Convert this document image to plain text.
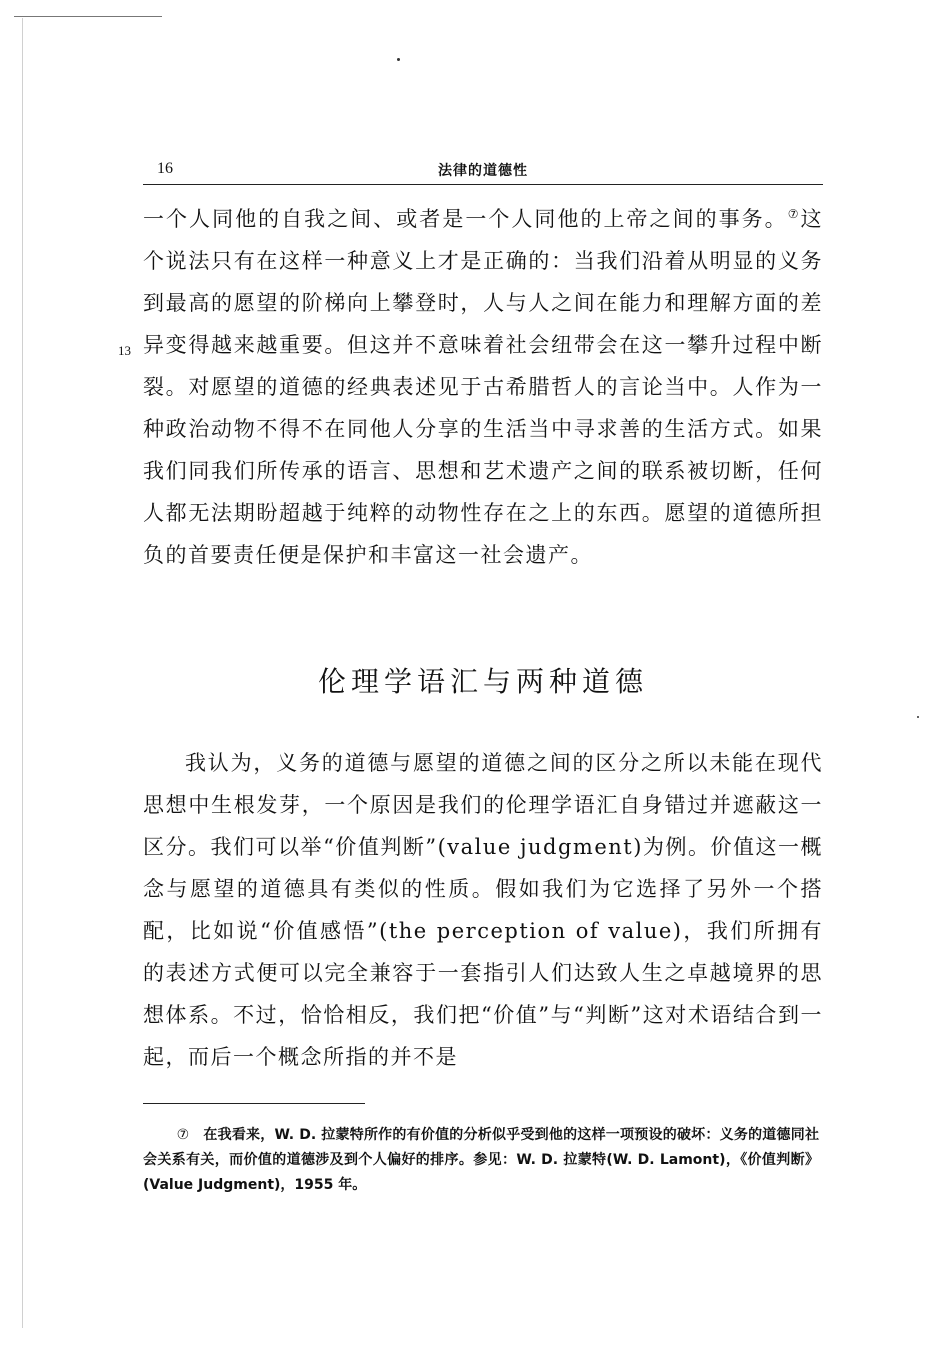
16	法律的道德性
13

一个人同他的自我之间、或者是一个人同他的上帝之间的事务。⑦这个说法只有在这样一种意义上才是正确的：当我们沿着从明显的义务到最高的愿望的阶梯向上攀登时，人与人之间在能力和理解方面的差异变得越来越重要。但这并不意味着社会纽带会在这一攀升过程中断裂。对愿望的道德的经典表述见于古希腊哲人的言论当中。人作为一种政治动物不得不在同他人分享的生活当中寻求善的生活方式。如果我们同我们所传承的语言、思想和艺术遗产之间的联系被切断，任何人都无法期盼超越于纯粹的动物性存在之上的东西。愿望的道德所担负的首要责任便是保护和丰富这一社会遗产。

伦理学语汇与两种道德

我认为，义务的道德与愿望的道德之间的区分之所以未能在现代思想中生根发芽，一个原因是我们的伦理学语汇自身错过并遮蔽这一区分。我们可以举“价值判断”(value judgment)为例。价值这一概念与愿望的道德具有类似的性质。假如我们为它选择了另外一个搭配，比如说“价值感悟”(the perception of value)，我们所拥有的表述方式便可以完全兼容于一套指引人们达致人生之卓越境界的思想体系。不过，恰恰相反，我们把“价值”与“判断”这对术语结合到一起，而后一个概念所指的并不是

⑦ 在我看来，W. D. 拉蒙特所作的有价值的分析似乎受到他的这样一项预设的破坏：义务的道德同社会关系有关，而价值的道德涉及到个人偏好的排序。参见：W. D. 拉蒙特(W. D. Lamont)，《价值判断》(Value Judgment)，1955 年。
